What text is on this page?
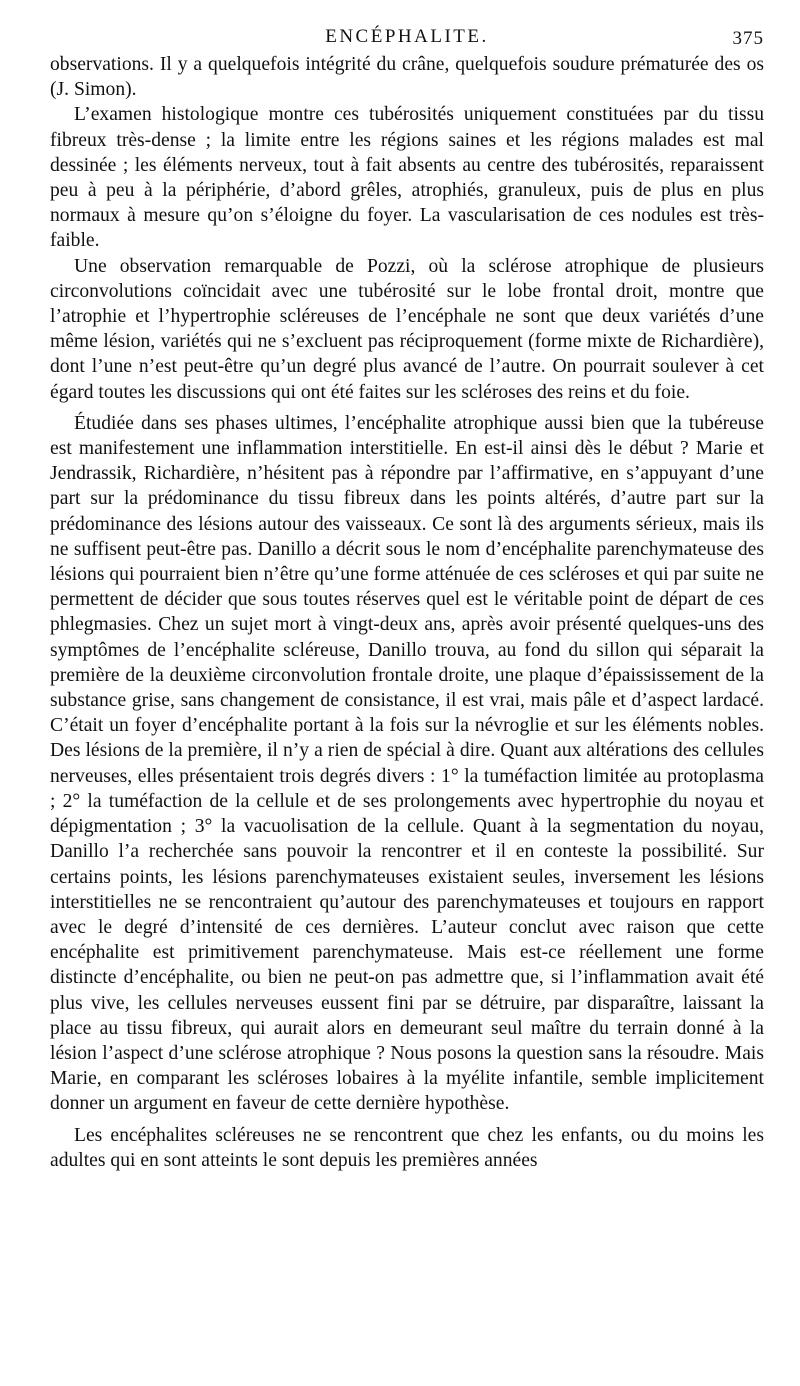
ENCÉPHALITE.	375

observations. Il y a quelquefois intégrité du crâne, quelquefois soudure prématurée des os (J. Simon).

L’examen histologique montre ces tubérosités uniquement constituées par du tissu fibreux très-dense ; la limite entre les régions saines et les régions malades est mal dessinée ; les éléments nerveux, tout à fait absents au centre des tubérosités, reparaissent peu à peu à la périphérie, d’abord grêles, atrophiés, granuleux, puis de plus en plus normaux à mesure qu’on s’éloigne du foyer. La vascularisation de ces nodules est très-faible.

Une observation remarquable de Pozzi, où la sclérose atrophique de plusieurs circonvolutions coïncidait avec une tubérosité sur le lobe frontal droit, montre que l’atrophie et l’hypertrophie scléreuses de l’encéphale ne sont que deux variétés d’une même lésion, variétés qui ne s’excluent pas réciproquement (forme mixte de Richardière), dont l’une n’est peut-être qu’un degré plus avancé de l’autre. On pourrait soulever à cet égard toutes les discussions qui ont été faites sur les scléroses des reins et du foie.

Étudiée dans ses phases ultimes, l’encéphalite atrophique aussi bien que la tubéreuse est manifestement une inflammation interstitielle. En est-il ainsi dès le début ? Marie et Jendrassik, Richardière, n’hésitent pas à répondre par l’affirmative, en s’appuyant d’une part sur la prédominance du tissu fibreux dans les points altérés, d’autre part sur la prédominance des lésions autour des vaisseaux. Ce sont là des arguments sérieux, mais ils ne suffisent peut-être pas. Danillo a décrit sous le nom d’encéphalite parenchymateuse des lésions qui pourraient bien n’être qu’une forme atténuée de ces scléroses et qui par suite ne permettent de décider que sous toutes réserves quel est le véritable point de départ de ces phlegmasies. Chez un sujet mort à vingt-deux ans, après avoir présenté quelques-uns des symptômes de l’encéphalite scléreuse, Danillo trouva, au fond du sillon qui séparait la première de la deuxième circonvolution frontale droite, une plaque d’épaississement de la substance grise, sans changement de consistance, il est vrai, mais pâle et d’aspect lardacé. C’était un foyer d’encéphalite portant à la fois sur la névroglie et sur les éléments nobles. Des lésions de la première, il n’y a rien de spécial à dire. Quant aux altérations des cellules nerveuses, elles présentaient trois degrés divers : 1° la tuméfaction limitée au protoplasma ; 2° la tuméfaction de la cellule et de ses prolongements avec hypertrophie du noyau et dépigmentation ; 3° la vacuolisation de la cellule. Quant à la segmentation du noyau, Danillo l’a recherchée sans pouvoir la rencontrer et il en conteste la possibilité. Sur certains points, les lésions parenchymateuses existaient seules, inversement les lésions interstitielles ne se rencontraient qu’autour des parenchymateuses et toujours en rapport avec le degré d’intensité de ces dernières. L’auteur conclut avec raison que cette encéphalite est primitivement parenchymateuse. Mais est-ce réellement une forme distincte d’encéphalite, ou bien ne peut-on pas admettre que, si l’inflammation avait été plus vive, les cellules nerveuses eussent fini par se détruire, par disparaître, laissant la place au tissu fibreux, qui aurait alors en demeurant seul maître du terrain donné à la lésion l’aspect d’une sclérose atrophique ? Nous posons la question sans la résoudre. Mais Marie, en comparant les scléroses lobaires à la myélite infantile, semble implicitement donner un argument en faveur de cette dernière hypothèse.

Les encéphalites scléreuses ne se rencontrent que chez les enfants, ou du moins les adultes qui en sont atteints le sont depuis les premières années
